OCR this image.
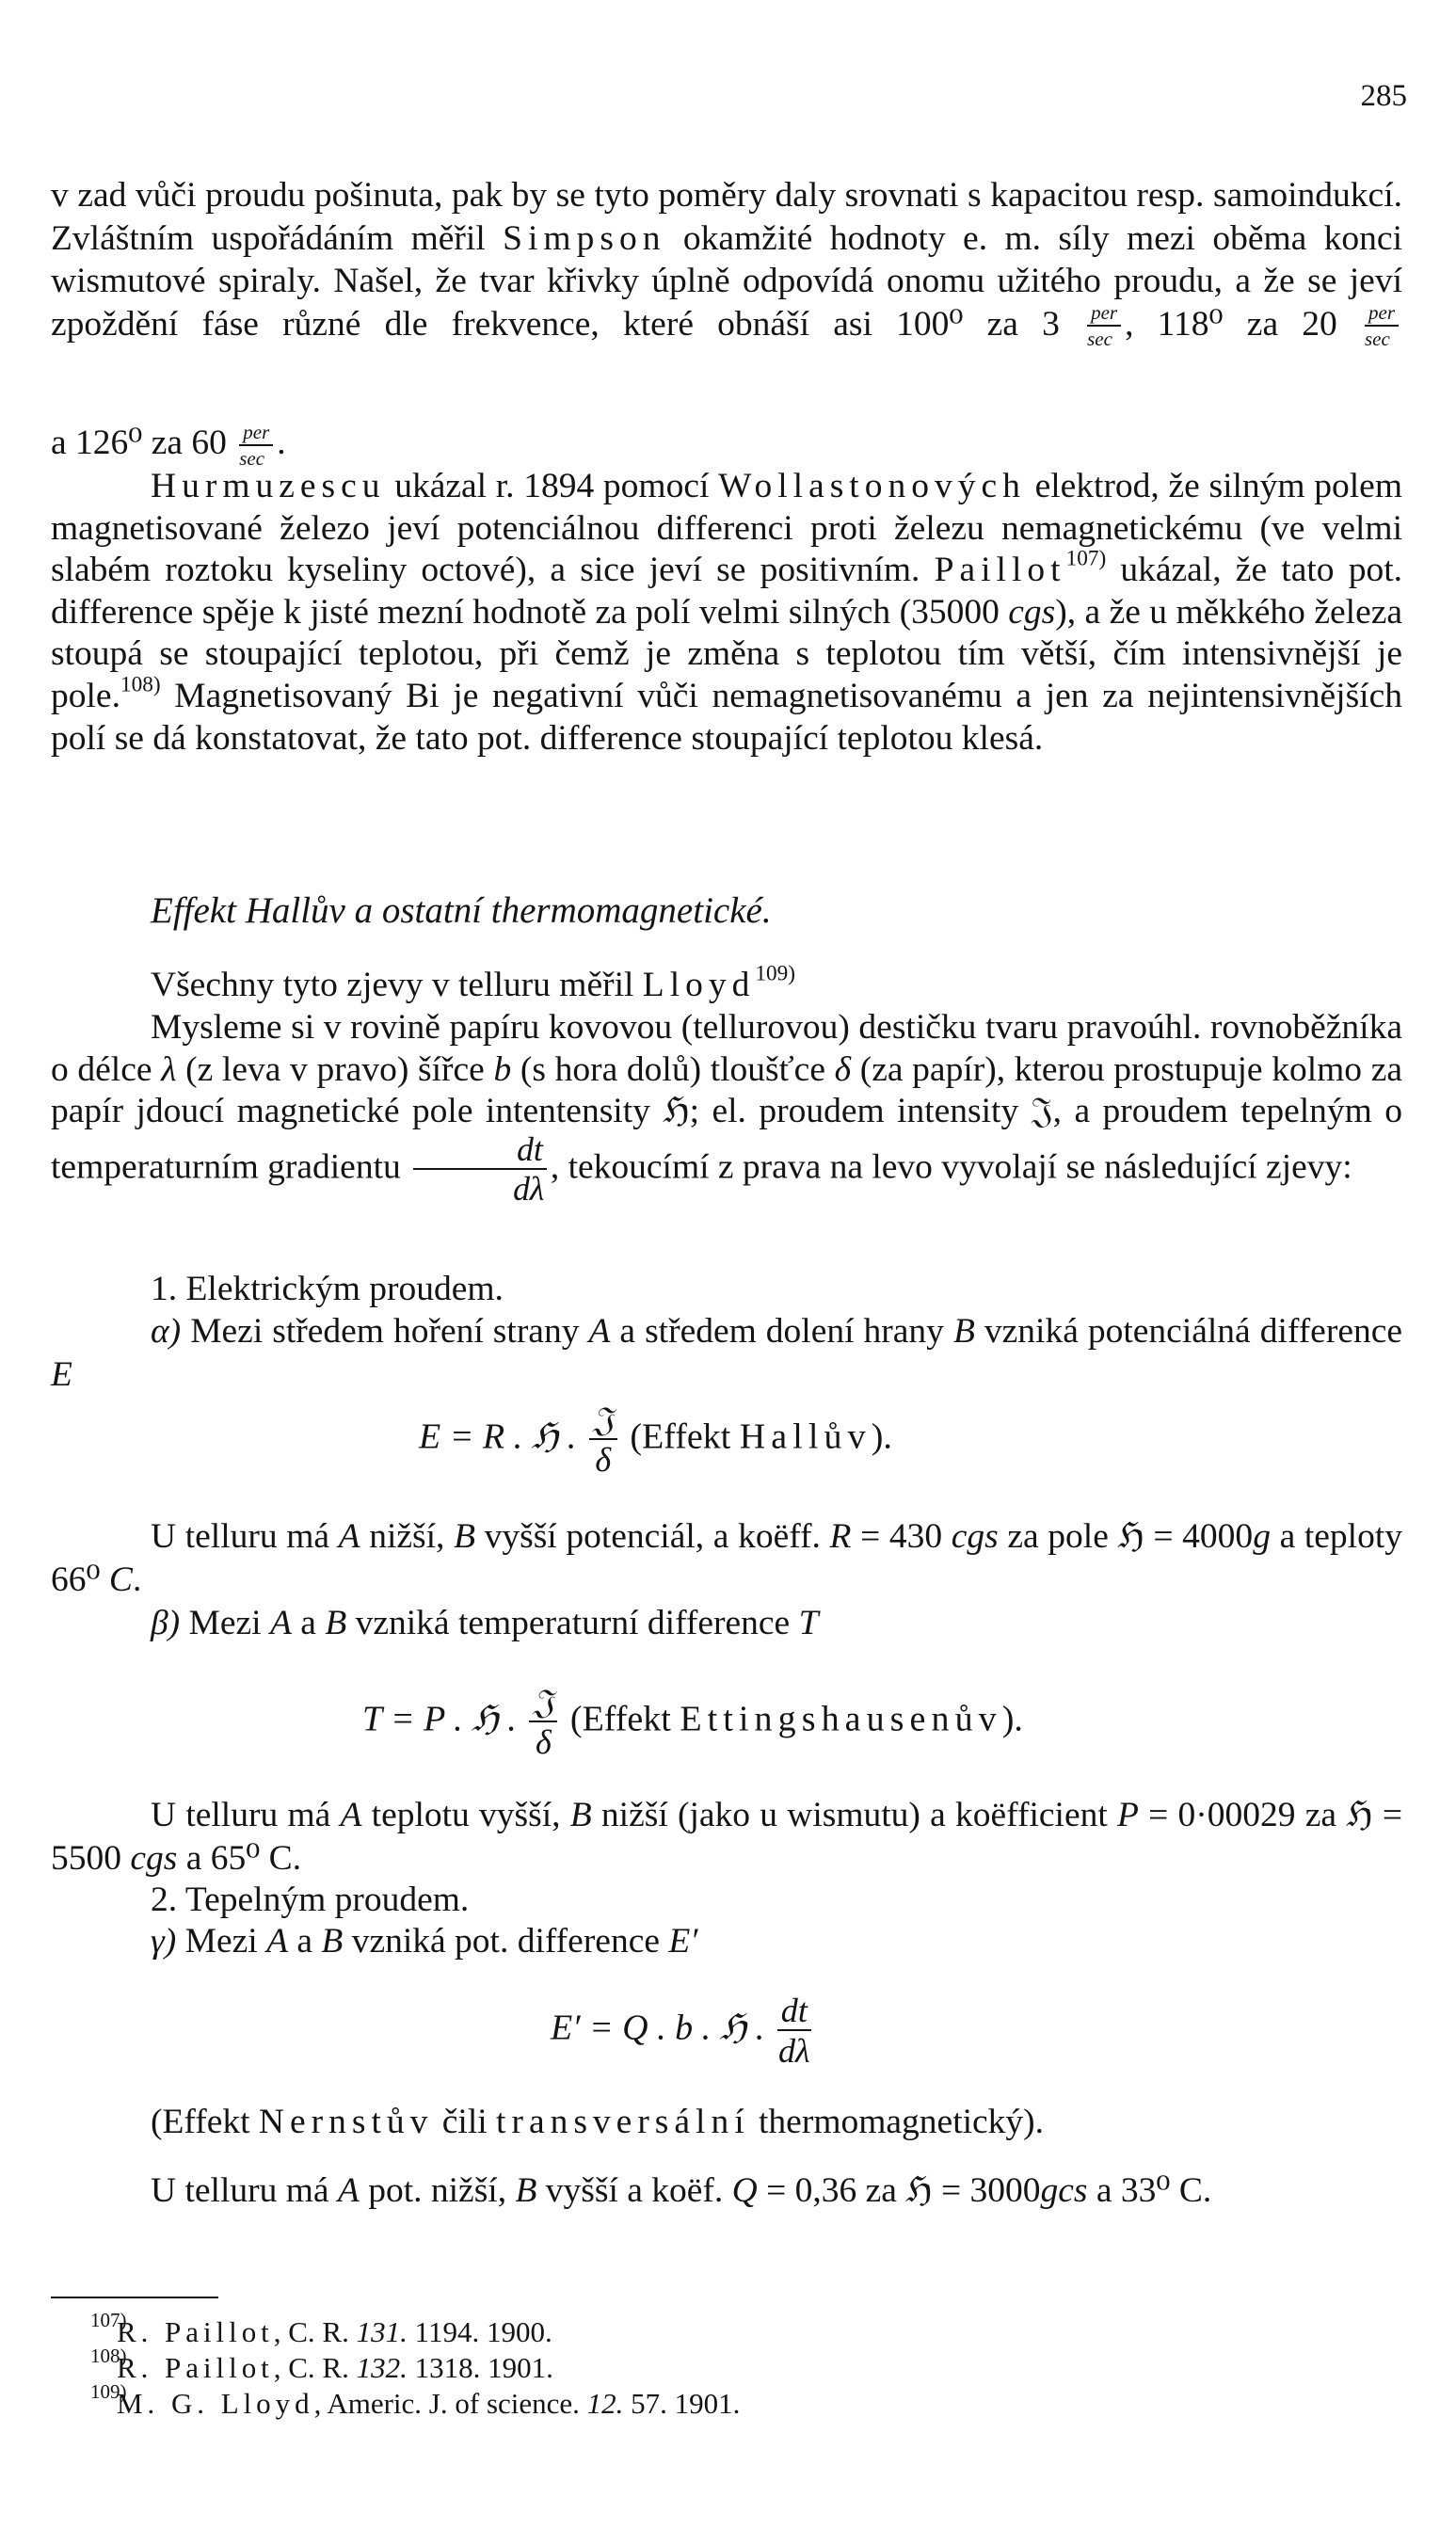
285
v zad vůči proudu pošinuta, pak by se tyto poměry daly srovnati s kapacitou resp. samoindukcí. Zvláštním uspořádáním měřil Simpson okamžité hodnoty e. m. síly mezi oběma konci wismutové spiraly. Našel, že tvar křivky úplně odpovídá onomu užitého proudu, a že se jeví zpoždění fáse různé dle frekvence, které obnáší asi 100⁰ za $3 \frac{\text{per}}{\sec}$ , 118⁰ za $20 \frac{\text{per}}{\sec}$
a 126⁰ za $60 \frac{\text{per}}{\sec}$ .
Hurmuzescu ukázal r. 1894 pomocí Wollastonových elektrod, že silným polem magnetisované železo jeví potenciálnou differenci proti železu nemagnetickému (ve velmi slabém roztoku kyseliny octové), a sice jeví se positivním. Paillot$^{107)}$ ukázal, že tato pot. difference spěje k jisté mezní hodnotě za polí velmi silných (35000 cgs), a že u měkkého železa stoupá se stoupající teplotou, při čemž je změna s teplotou tím větší, čím intensivnější je pole.$^{108)}$ Magnetisovaný Bi je negativní vůči nemagnetisovanému a jen za nejintensivnějších polí se dá konstatovat, že tato pot. difference stoupající teplotou klesá.
Effekt Hallův a ostatní thermomagnetické.
Všechny tyto zjevy v telluru měřil Lloyd$^{109)}$
Mysleme si v rovině papíru kovovou (tellurovou) destičku tvaru pravoúhl. rovnoběžníka o délce λ (z leva v pravo) šířce b (s hora dolů) tloušťce δ (za papír), kterou prostupuje kolmo za papír jdoucí magnetické pole intentensity ℌ; el. proudem intensity 𝔍, a proudem tepelným o temperaturním gradientu $\frac{dt}{d\lambda}$ , tekoucímí z prava na levo vyvolají se následující zjevy:
1. Elektrickým proudem.
α) Mezi středem hoření strany A a středem dolení hrany B vzniká potenciálná difference E
E = R . ℌ . $\frac{\text{𝔍}}{\delta}$ (Effekt Hallův).
U telluru má A nižší, B vyšší potenciál, a koëff. R = 430 cgs za pole ℌ = 4000g a teploty 66⁰ C.
β) Mezi A a B vzniká temperaturní difference T
T = P . ℌ . $\frac{\text{𝔍}}{\delta}$ (Effekt Ettingshausenův).
U telluru má A teplotu vyšší, B nižší (jako u wismutu) a koëfficient P = 0·00029 za ℌ = 5500 cgs a 65⁰ C.
2. Tepelným proudem.
γ) Mezi A a B vzniká pot. difference E′
E′ = Q . b . ℌ . $\frac{dt}{d\lambda}$
(Effekt Nernstův čili transversální thermomagnetický).
U telluru má A pot. nižší, B vyšší a koëf. Q = 0,36 za ℌ = 3000gcs a 33⁰ C.
107)
R. Paillot, C. R. 131. 1194. 1900.
108)
R. Paillot, C. R. 132. 1318. 1901.
109)
M. G. Lloyd, Americ. J. of science. 12. 57. 1901.
